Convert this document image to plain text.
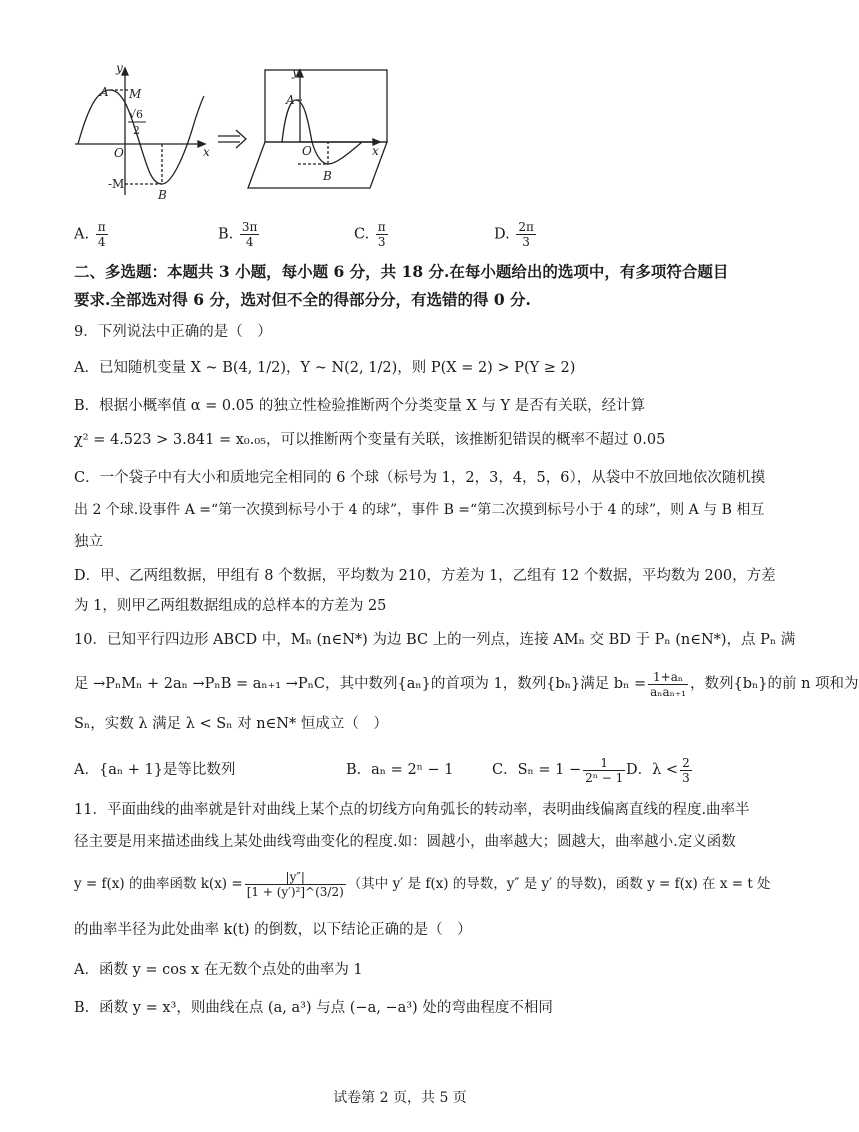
y
A M
√6
2
O	x
-M
B
y
A
O	x
B
A. $\frac{\pi}{4}$	B. $\frac{3\pi}{4}$	C. $\frac{\pi}{3}$	D. $\frac{2\pi}{3}$
二、多选题：本题共 3 小题，每小题 6 分，共 18 分.在每小题给出的选项中，有多项符合题目
要求.全部选对得 6 分，选对但不全的得部分分，有选错的得 0 分.
9．下列说法中正确的是（　）
A．已知随机变量 X ~ B(4, 1/2)，Y ~ N(2, 1/2)，则 P(X = 2) > P(Y ≥ 2)
B．根据小概率值 α = 0.05 的独立性检验推断两个分类变量 X 与 Y 是否有关联，经计算
χ² = 4.523 > 3.841 = x₀.₀₅，可以推断两个变量有关联，该推断犯错误的概率不超过 0.05
C．一个袋子中有大小和质地完全相同的 6 个球（标号为 1，2，3，4，5，6），从袋中不放回地依次随机摸
出 2 个球.设事件 A =“第一次摸到标号小于 4 的球”，事件 B =“第二次摸到标号小于 4 的球”，则 A 与 B 相互
独立
D．甲、乙两组数据，甲组有 8 个数据，平均数为 210，方差为 1，乙组有 12 个数据，平均数为 200，方差
为 1，则甲乙两组数据组成的总样本的方差为 25
10．已知平行四边形 ABCD 中，Mₙ (n∈N*) 为边 BC 上的一列点，连接 AMₙ 交 BD 于 Pₙ (n∈N*)，点 Pₙ 满
足 →PₙMₙ + 2aₙ →PₙB = aₙ₊₁ →PₙC，其中数列{aₙ}的首项为 1，数列{bₙ}满足 $b_n = \frac{\text{1+aₙ}}{\text{aₙaₙ₊₁}}$ ，数列{bₙ}的前 n 项和为
Sₙ，实数 λ 满足 λ < Sₙ 对 n∈N* 恒成立（　）
A．{aₙ + 1}是等比数列	B．aₙ = 2ⁿ − 1	C．$S_n = 1 - \frac{1}{\text{2ⁿ − 1}}$ D．$\lambda < \frac{2}{3}$
11．平面曲线的曲率就是针对曲线上某个点的切线方向角弧长的转动率，表明曲线偏离直线的程度.曲率半
径主要是用来描述曲线上某处曲线弯曲变化的程度.如：圆越小，曲率越大；圆越大，曲率越小.定义函数
y = f(x) 的曲率函数 $k(x) = \frac{|y''|}{\text{[1 + (y′)²]\textasciicircum{}(3/2)}}$ （其中 y′ 是 f(x) 的导数，y″ 是 y′ 的导数)，函数 y = f(x) 在 x = t 处
的曲率半径为此处曲率 k(t) 的倒数，以下结论正确的是（　）
A．函数 y = cos x 在无数个点处的曲率为 1
B．函数 y = x³，则曲线在点 (a, a³) 与点 (−a, −a³) 处的弯曲程度不相同
试卷第 2 页，共 5 页
